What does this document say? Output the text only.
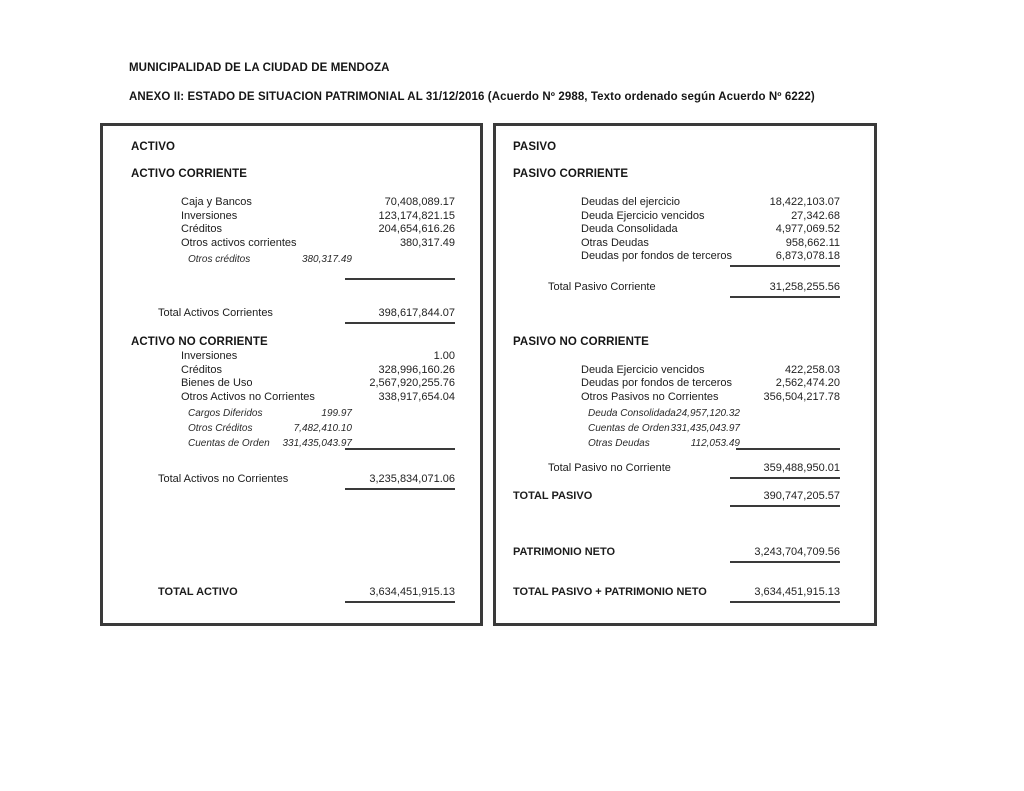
MUNICIPALIDAD DE LA CIUDAD DE MENDOZA
ANEXO II: ESTADO DE SITUACION PATRIMONIAL AL 31/12/2016 (Acuerdo Nº 2988, Texto ordenado según Acuerdo Nº 6222)
ACTIVO
ACTIVO CORRIENTE
Caja y Bancos	70,408,089.17
Inversiones	123,174,821.15
Créditos	204,654,616.26
Otros activos corrientes	380,317.49
Otros créditos	380,317.49
Total Activos Corrientes	398,617,844.07
ACTIVO NO CORRIENTE
Inversiones	1.00
Créditos	328,996,160.26
Bienes de Uso	2,567,920,255.76
Otros Activos no Corrientes	338,917,654.04
Cargos Diferidos	199.97
Otros Créditos	7,482,410.10
Cuentas de Orden	331,435,043.97
Total Activos no Corrientes	3,235,834,071.06
TOTAL ACTIVO	3,634,451,915.13
PASIVO
PASIVO CORRIENTE
Deudas del ejercicio	18,422,103.07
Deuda Ejercicio vencidos	27,342.68
Deuda Consolidada	4,977,069.52
Otras Deudas	958,662.11
Deudas por fondos de terceros	6,873,078.18
Total Pasivo Corriente	31,258,255.56
PASIVO NO CORRIENTE
Deuda Ejercicio vencidos	422,258.03
Deudas por fondos de terceros	2,562,474.20
Otros Pasivos no Corrientes	356,504,217.78
Deuda Consolidada 24,957,120.32
Cuentas de Orden 331,435,043.97
Otras Deudas	112,053.49
Total Pasivo no Corriente	359,488,950.01
TOTAL PASIVO	390,747,205.57
PATRIMONIO NETO	3,243,704,709.56
TOTAL PASIVO + PATRIMONIO NETO	3,634,451,915.13
